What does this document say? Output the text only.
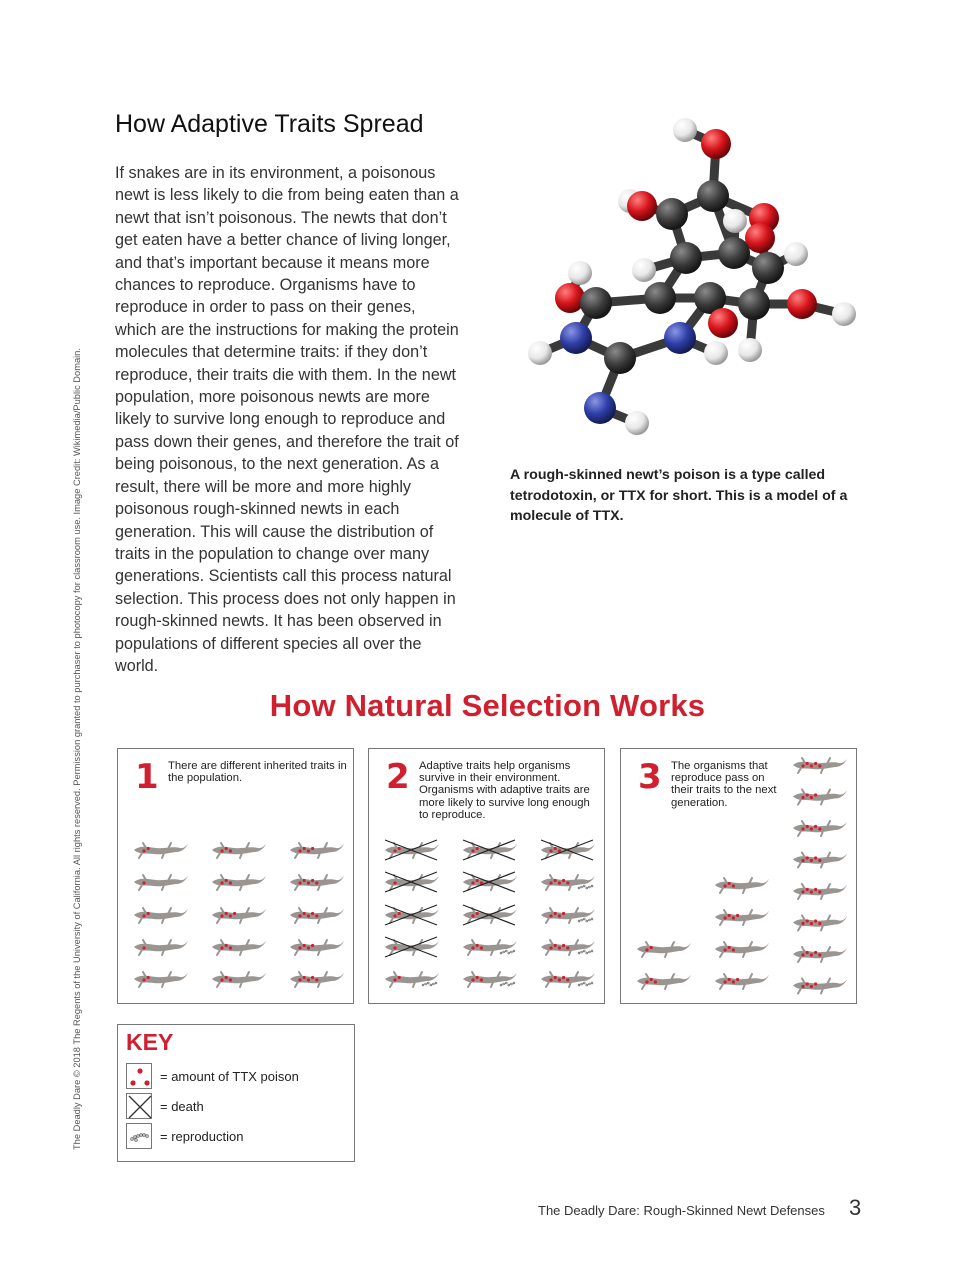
The Deadly Dare © 2018 The Regents of the University of California. All rights reserved. Permission granted to purchaser to photocopy for classroom use. Image Credit: Wikimedia/Public Domain.
How Adaptive Traits Spread

If snakes are in its environment, a poisonous newt is less likely to die from being eaten than a newt that isn’t poisonous. The newts that don’t get eaten have a better chance of living longer, and that’s important because it means more chances to reproduce. Organisms have to reproduce in order to pass on their genes, which are the instructions for making the protein molecules that determine traits: if they don’t reproduce, their traits die with them. In the newt population, more poisonous newts are more likely to survive long enough to reproduce and pass down their genes, and therefore the trait of being poisonous, to the next generation. As a result, there will be more and more highly poisonous rough-skinned newts in each generation. This will cause the distribution of traits in the population to change over many generations. Scientists call this process natural selection. This process does not only happen in rough-skinned newts. It has been observed in populations of different species all over the world.

A rough-skinned newt’s poison is a type called tetrodotoxin, or TTX for short. This is a model of a molecule of TTX.
How Natural Selection Works
1 There are different inherited traits in the population.	2 Adaptive traits help organisms survive in their environment. Organisms with adaptive traits are more likely to survive long enough to reproduce.
3 The organisms that reproduce pass on their traits to the next generation.
KEY
= amount of TTX poison
= death
= reproduction
The Deadly Dare: Rough-Skinned Newt Defenses 3
